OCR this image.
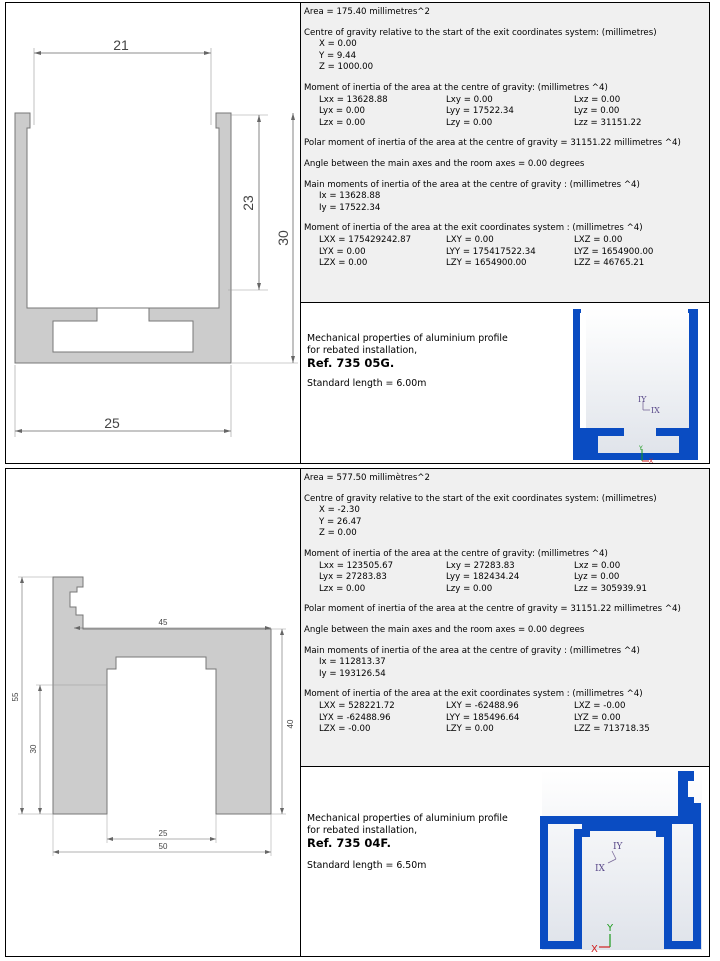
21
23
30
25

Area = 175.40 millimetres^2

Centre of gravity relative to the start of the exit coordinates system: (millimetres)

X = 0.00

Y = 9.44

Z = 1000.00

Moment of inertia of the area at the centre of gravity: (millimetres ^4)

Lxx = 13628.88	Lxy = 0.00	Lxz = 0.00

Lyx = 0.00	Lyy = 17522.34	Lyz = 0.00

Lzx = 0.00	Lzy = 0.00	Lzz = 31151.22

Polar moment of inertia of the area at the centre of gravity = 31151.22 millimetres ^4)

Angle between the main axes and the room axes = 0.00 degrees

Main moments of inertia of the area at the centre of gravity : (millimetres ^4)

Ix = 13628.88

Iy = 17522.34

Moment of inertia of the area at the exit coordinates system : (millimetres ^4)

LXX = 175429242.87	LXY = 0.00	LXZ = 0.00

LYX = 0.00	LYY = 175417522.34	LYZ = 1654900.00

LZX = 0.00	LZY = 1654900.00	LZZ = 46765.21

Mechanical properties of aluminium profile

for rebated installation,

Ref. 735 05G.

Standard length = 6.00m

IY
IX
Y
X
45
55
30
40
25
50

Area = 577.50 millimètres^2

Centre of gravity relative to the start of the exit coordinates system: (millimetres)

X = -2.30

Y = 26.47

Z = 0.00

Moment of inertia of the area at the centre of gravity: (millimetres ^4)

Lxx = 123505.67	Lxy = 27283.83	Lxz = 0.00

Lyx = 27283.83	Lyy = 182434.24	Lyz = 0.00

Lzx = 0.00	Lzy = 0.00	Lzz = 305939.91

Polar moment of inertia of the area at the centre of gravity = 31151.22 millimetres ^4)

Angle between the main axes and the room axes = 0.00 degrees

Main moments of inertia of the area at the centre of gravity : (millimetres ^4)

Ix = 112813.37

Iy = 193126.54

Moment of inertia of the area at the exit coordinates system : (millimetres ^4)

LXX = 528221.72	LXY = -62488.96	LXZ = -0.00

LYX = -62488.96	LYY = 185496.64	LYZ = 0.00

LZX = -0.00	LZY = 0.00	LZZ = 713718.35

Mechanical properties of aluminium profile

for rebated installation,

Ref. 735 04F.

Standard length = 6.50m

IY
IX
Y
X
